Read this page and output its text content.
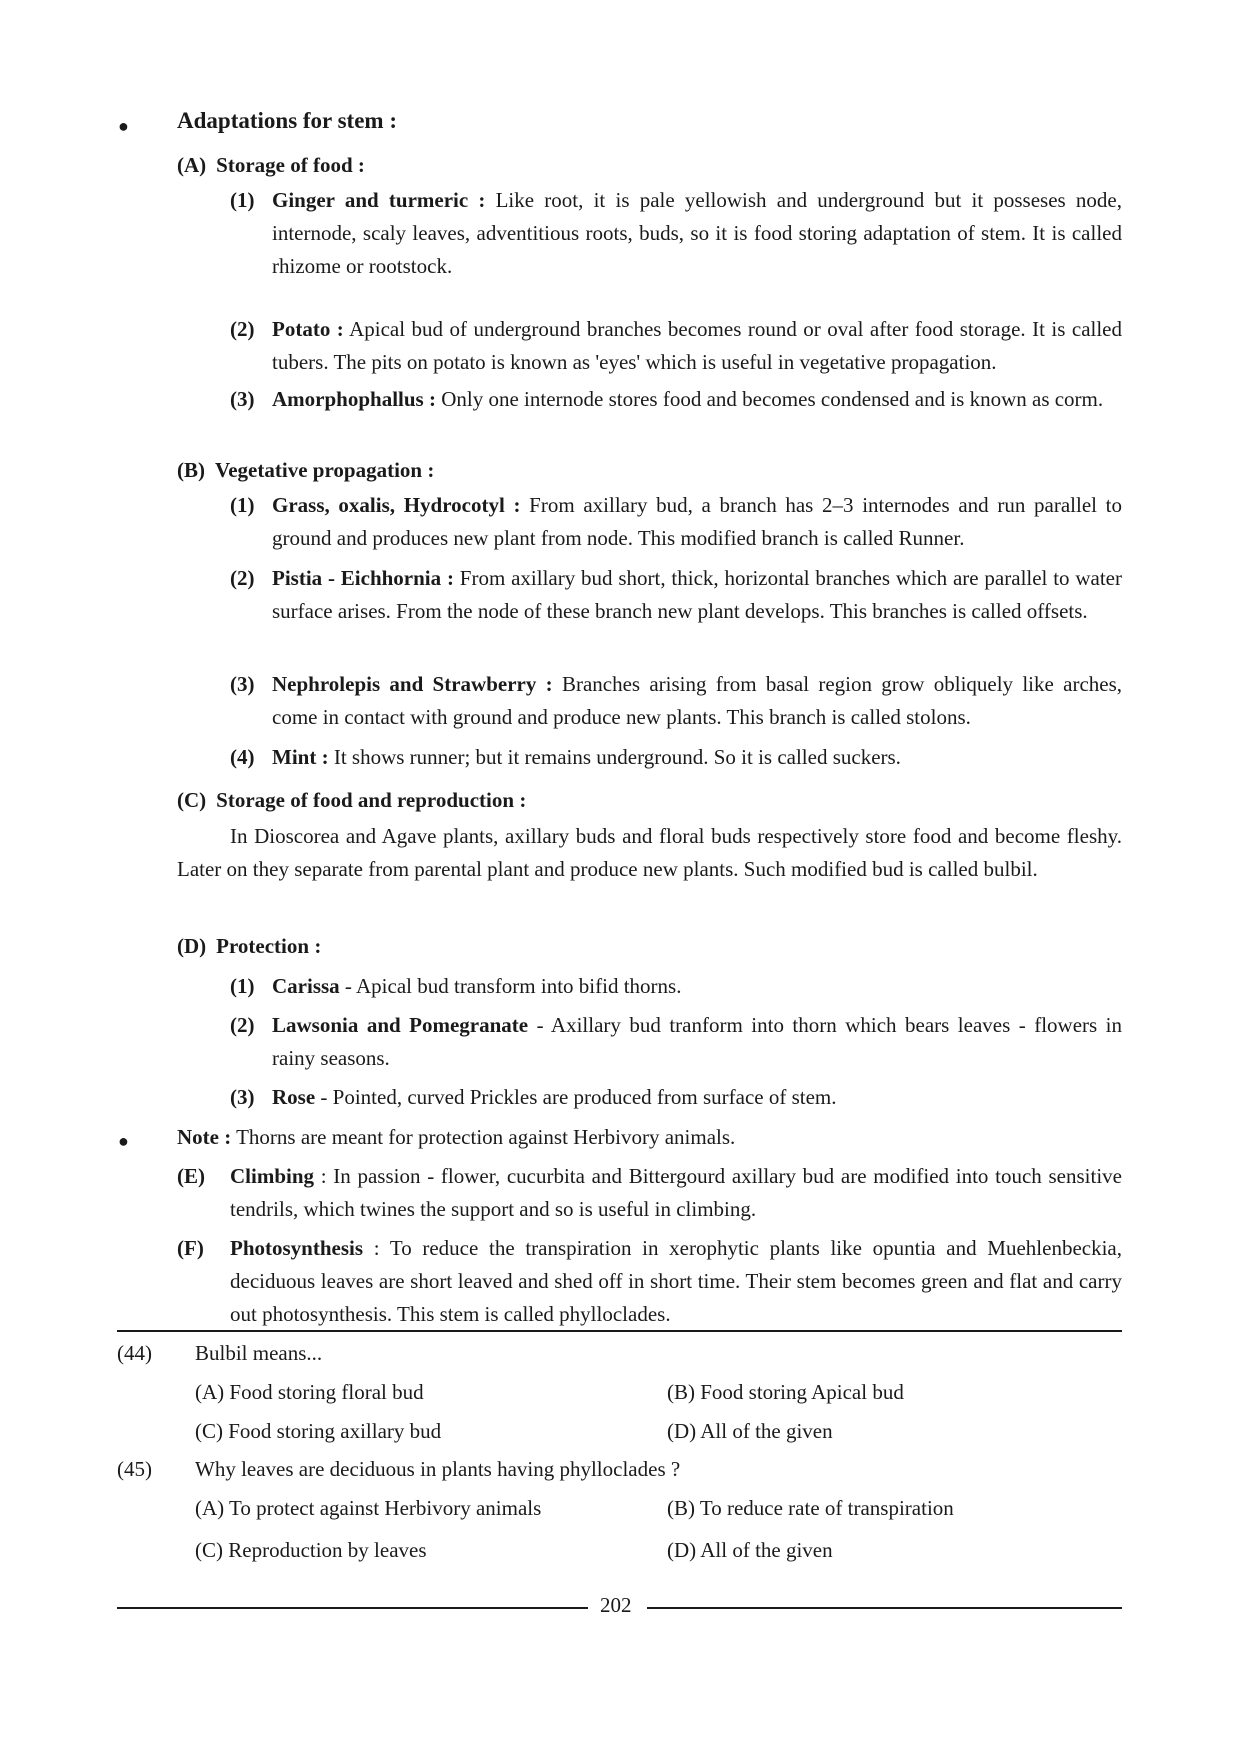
● Adaptations for stem :
(A) Storage of food :
(1) Ginger and turmeric : Like root, it is pale yellowish and underground but it posseses node, internode, scaly leaves, adventitious roots, buds, so it is food storing adaptation of stem. It is called rhizome or rootstock.
(2) Potato : Apical bud of underground branches becomes round or oval after food storage. It is called tubers. The pits on potato is known as 'eyes' which is useful in vegetative propagation.
(3) Amorphophallus : Only one internode stores food and becomes condensed and is known as corm.
(B) Vegetative propagation :
(1) Grass, oxalis, Hydrocotyl : From axillary bud, a branch has 2–3 internodes and run parallel to ground and produces new plant from node. This modified branch is called Runner.
(2) Pistia - Eichhornia : From axillary bud short, thick, horizontal branches which are parallel to water surface arises. From the node of these branch new plant develops. This branches is called offsets.
(3) Nephrolepis and Strawberry : Branches arising from basal region grow obliquely like arches, come in contact with ground and produce new plants. This branch is called stolons.
(4) Mint : It shows runner; but it remains underground. So it is called suckers.
(C) Storage of food and reproduction :
In Dioscorea and Agave plants, axillary buds and floral buds respectively store food and become fleshy. Later on they separate from parental plant and produce new plants. Such modified bud is called bulbil.
(D) Protection :
(1) Carissa - Apical bud transform into bifid thorns.
(2) Lawsonia and Pomegranate - Axillary bud tranform into thorn which bears leaves - flowers in rainy seasons.
(3) Rose - Pointed, curved Prickles are produced from surface of stem.
● Note : Thorns are meant for protection against Herbivory animals.
(E) Climbing : In passion - flower, cucurbita and Bittergourd axillary bud are modified into touch sensitive tendrils, which twines the support and so is useful in climbing.
(F) Photosynthesis : To reduce the transpiration in xerophytic plants like opuntia and Muehlenbeckia, deciduous leaves are short leaved and shed off in short time. Their stem becomes green and flat and carry out photosynthesis. This stem is called phylloclades.
(44) Bulbil means...
(A) Food storing floral bud	(B) Food storing Apical bud
(C) Food storing axillary bud	(D) All of the given
(45) Why leaves are deciduous in plants having phylloclades ?
(A) To protect against Herbivory animals	(B) To reduce rate of transpiration
(C) Reproduction by leaves	(D) All of the given
202
